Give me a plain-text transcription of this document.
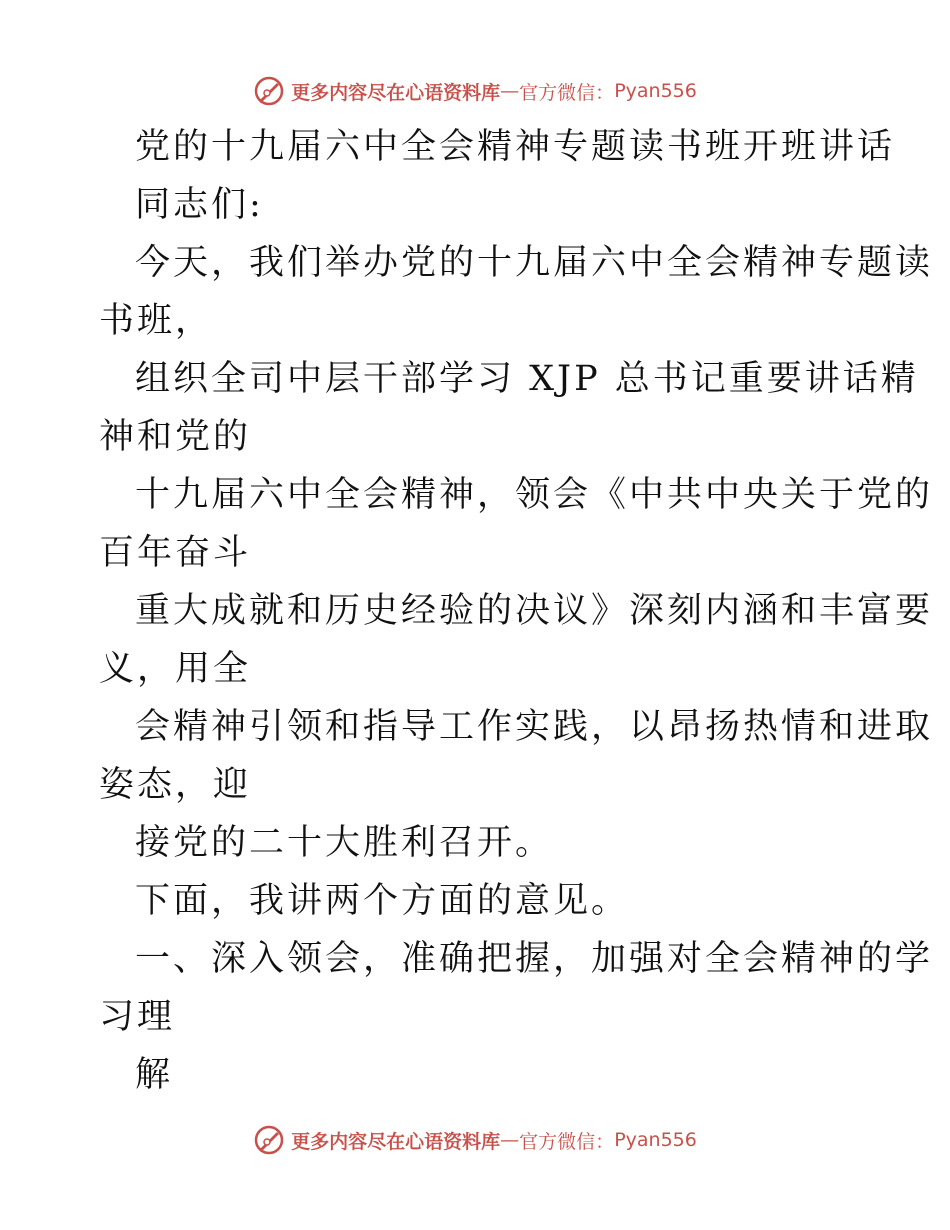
更多内容尽在心语资料库 — 官方微信： Pyan556
党的十九届六中全会精神专题读书班开班讲话
同志们:
今天，我们举办党的十九届六中全会精神专题读
书班，
组织全司中层干部学习 XJP 总书记重要讲话精
神和党的
十九届六中全会精神，领会《中共中央关于党的
百年奋斗
重大成就和历史经验的决议》深刻内涵和丰富要
义，用全
会精神引领和指导工作实践，以昂扬热情和进取
姿态，迎
接党的二十大胜利召开。
下面，我讲两个方面的意见。
一、深入领会，准确把握，加强对全会精神的学
习理
解
更多内容尽在心语资料库 — 官方微信： Pyan556
